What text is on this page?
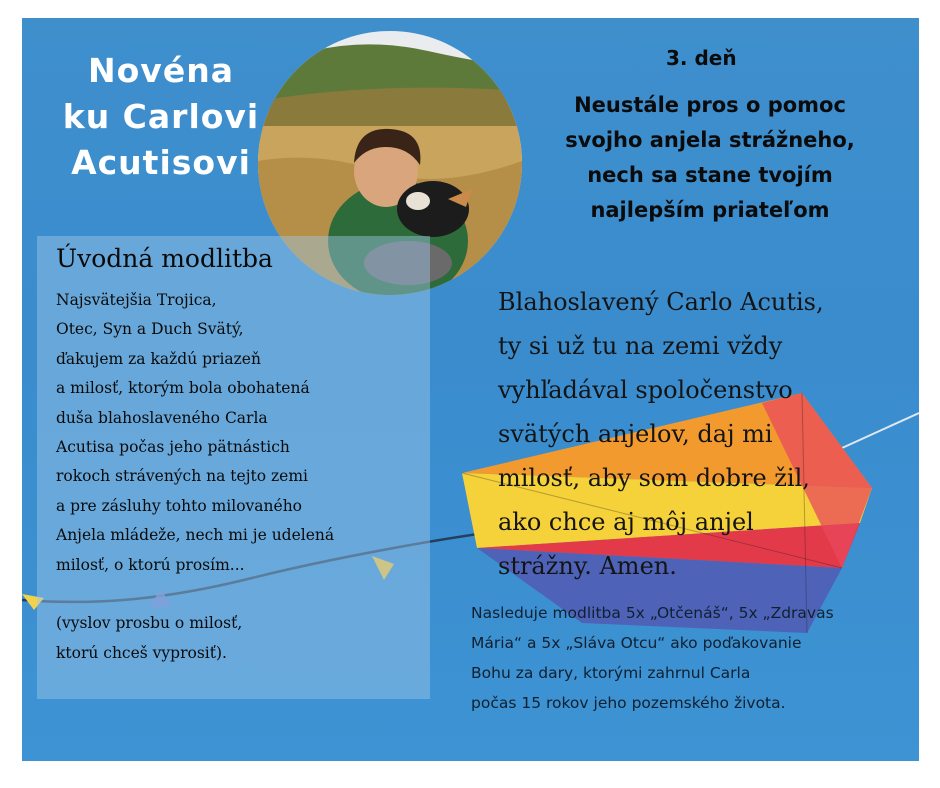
Novéna
ku Carlovi
Acutisovi
3. deň
Neustále pros o pomoc
svojho anjela strážneho,
nech sa stane tvojím
najlepším priateľom
Úvodná modlitba
Najsvätejšia Trojica,
Otec, Syn a Duch Svätý,
ďakujem za každú priazeň
a milosť, ktorým bola obohatená
duša blahoslaveného Carla
Acutisa počas jeho pätnástich
rokoch strávených na tejto zemi
a pre zásluhy tohto milovaného
Anjela mládeže, nech mi je udelená
milosť, o ktorú prosím...
(vyslov prosbu o milosť,
ktorú chceš vyprosiť).
Blahoslavený Carlo Acutis,
ty si už tu na zemi vždy
vyhľadával spoločenstvo
svätých anjelov, daj mi
milosť, aby som dobre žil,
ako chce aj môj anjel
strážny. Amen.
Nasleduje modlitba 5x „Otčenáš“, 5x „Zdravas
Mária“ a 5x „Sláva Otcu“ ako poďakovanie
Bohu za dary, ktorými zahrnul Carla
počas 15 rokov jeho pozemského života.
